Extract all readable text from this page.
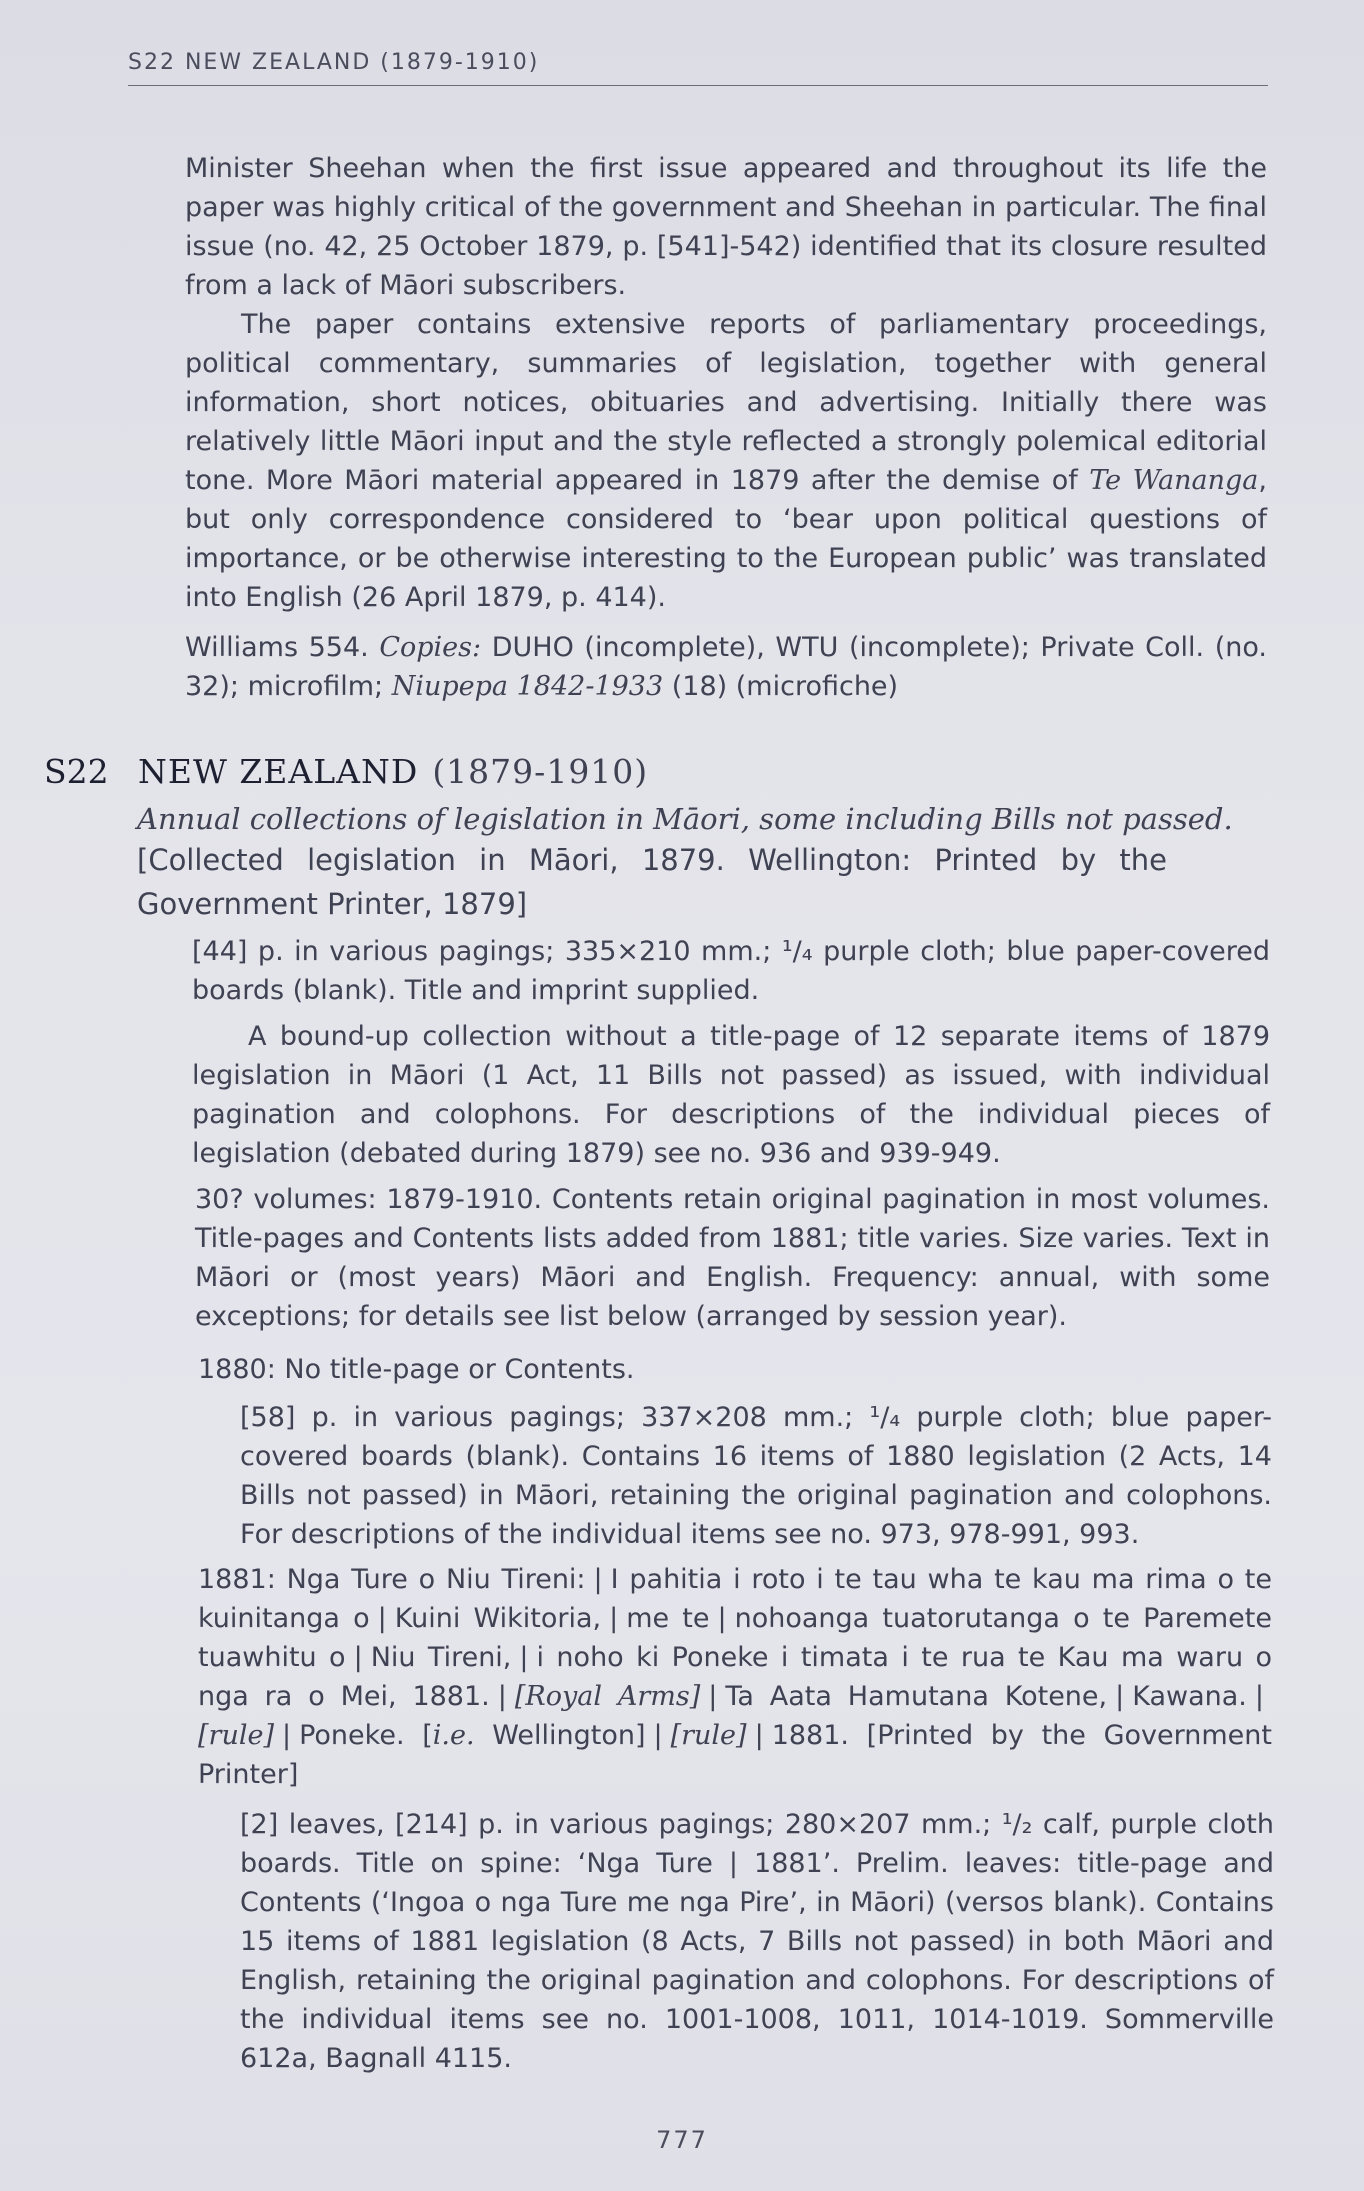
S22 NEW ZEALAND (1879-1910)

Minister Sheehan when the first issue appeared and throughout its life the paper was highly critical of the government and Sheehan in particular. The final issue (no. 42, 25 October 1879, p. [541]-542) identified that its closure resulted from a lack of Māori subscribers.

The paper contains extensive reports of parliamentary proceedings, political commentary, summaries of legislation, together with general information, short notices, obituaries and advertising. Initially there was relatively little Māori input and the style reflected a strongly polemical editorial tone. More Māori material appeared in 1879 after the demise of Te Wananga, but only correspondence considered to ‘bear upon political questions of importance, or be otherwise interesting to the European public’ was translated into English (26 April 1879, p. 414).

Williams 554. Copies: DUHO (incomplete), WTU (incomplete); Private Coll. (no. 32); microfilm; Niupepa 1842-1933 (18) (microfiche)

S22 NEW ZEALAND (1879-1910)
Annual collections of legislation in Māori, some including Bills not passed.

[Collected legislation in Māori, 1879. Wellington: Printed by the Government Printer, 1879]

[44] p. in various pagings; 335×210 mm.; ¹/₄ purple cloth; blue paper-covered boards (blank). Title and imprint supplied.

A bound-up collection without a title-page of 12 separate items of 1879 legislation in Māori (1 Act, 11 Bills not passed) as issued, with individual pagination and colophons. For descriptions of the individual pieces of legislation (debated during 1879) see no. 936 and 939-949.

30? volumes: 1879-1910. Contents retain original pagination in most volumes. Title-pages and Contents lists added from 1881; title varies. Size varies. Text in Māori or (most years) Māori and English. Frequency: annual, with some exceptions; for details see list below (arranged by session year).

1880: No title-page or Contents.

[58] p. in various pagings; 337×208 mm.; ¹/₄ purple cloth; blue paper-covered boards (blank). Contains 16 items of 1880 legislation (2 Acts, 14 Bills not passed) in Māori, retaining the original pagination and colophons. For descriptions of the individual items see no. 973, 978-991, 993.

1881: Nga Ture o Niu Tireni: | I pahitia i roto i te tau wha te kau ma rima o te kuinitanga o | Kuini Wikitoria, | me te | nohoanga tuatorutanga o te Paremete tuawhitu o | Niu Tireni, | i noho ki Poneke i timata i te rua te Kau ma waru o nga ra o Mei, 1881. | [Royal Arms] | Ta Aata Hamutana Kotene, | Kawana. |[rule] | Poneke. [i.e. Wellington] | [rule] | 1881. [Printed by the Government Printer]

[2] leaves, [214] p. in various pagings; 280×207 mm.; ¹/₂ calf, purple cloth boards. Title on spine: ‘Nga Ture | 1881’. Prelim. leaves: title-page and Contents (‘Ingoa o nga Ture me nga Pire’, in Māori) (versos blank). Contains 15 items of 1881 legislation (8 Acts, 7 Bills not passed) in both Māori and English, retaining the original pagination and colophons. For descriptions of the individual items see no. 1001-1008, 1011, 1014-1019. Sommerville 612a, Bagnall 4115.

777
